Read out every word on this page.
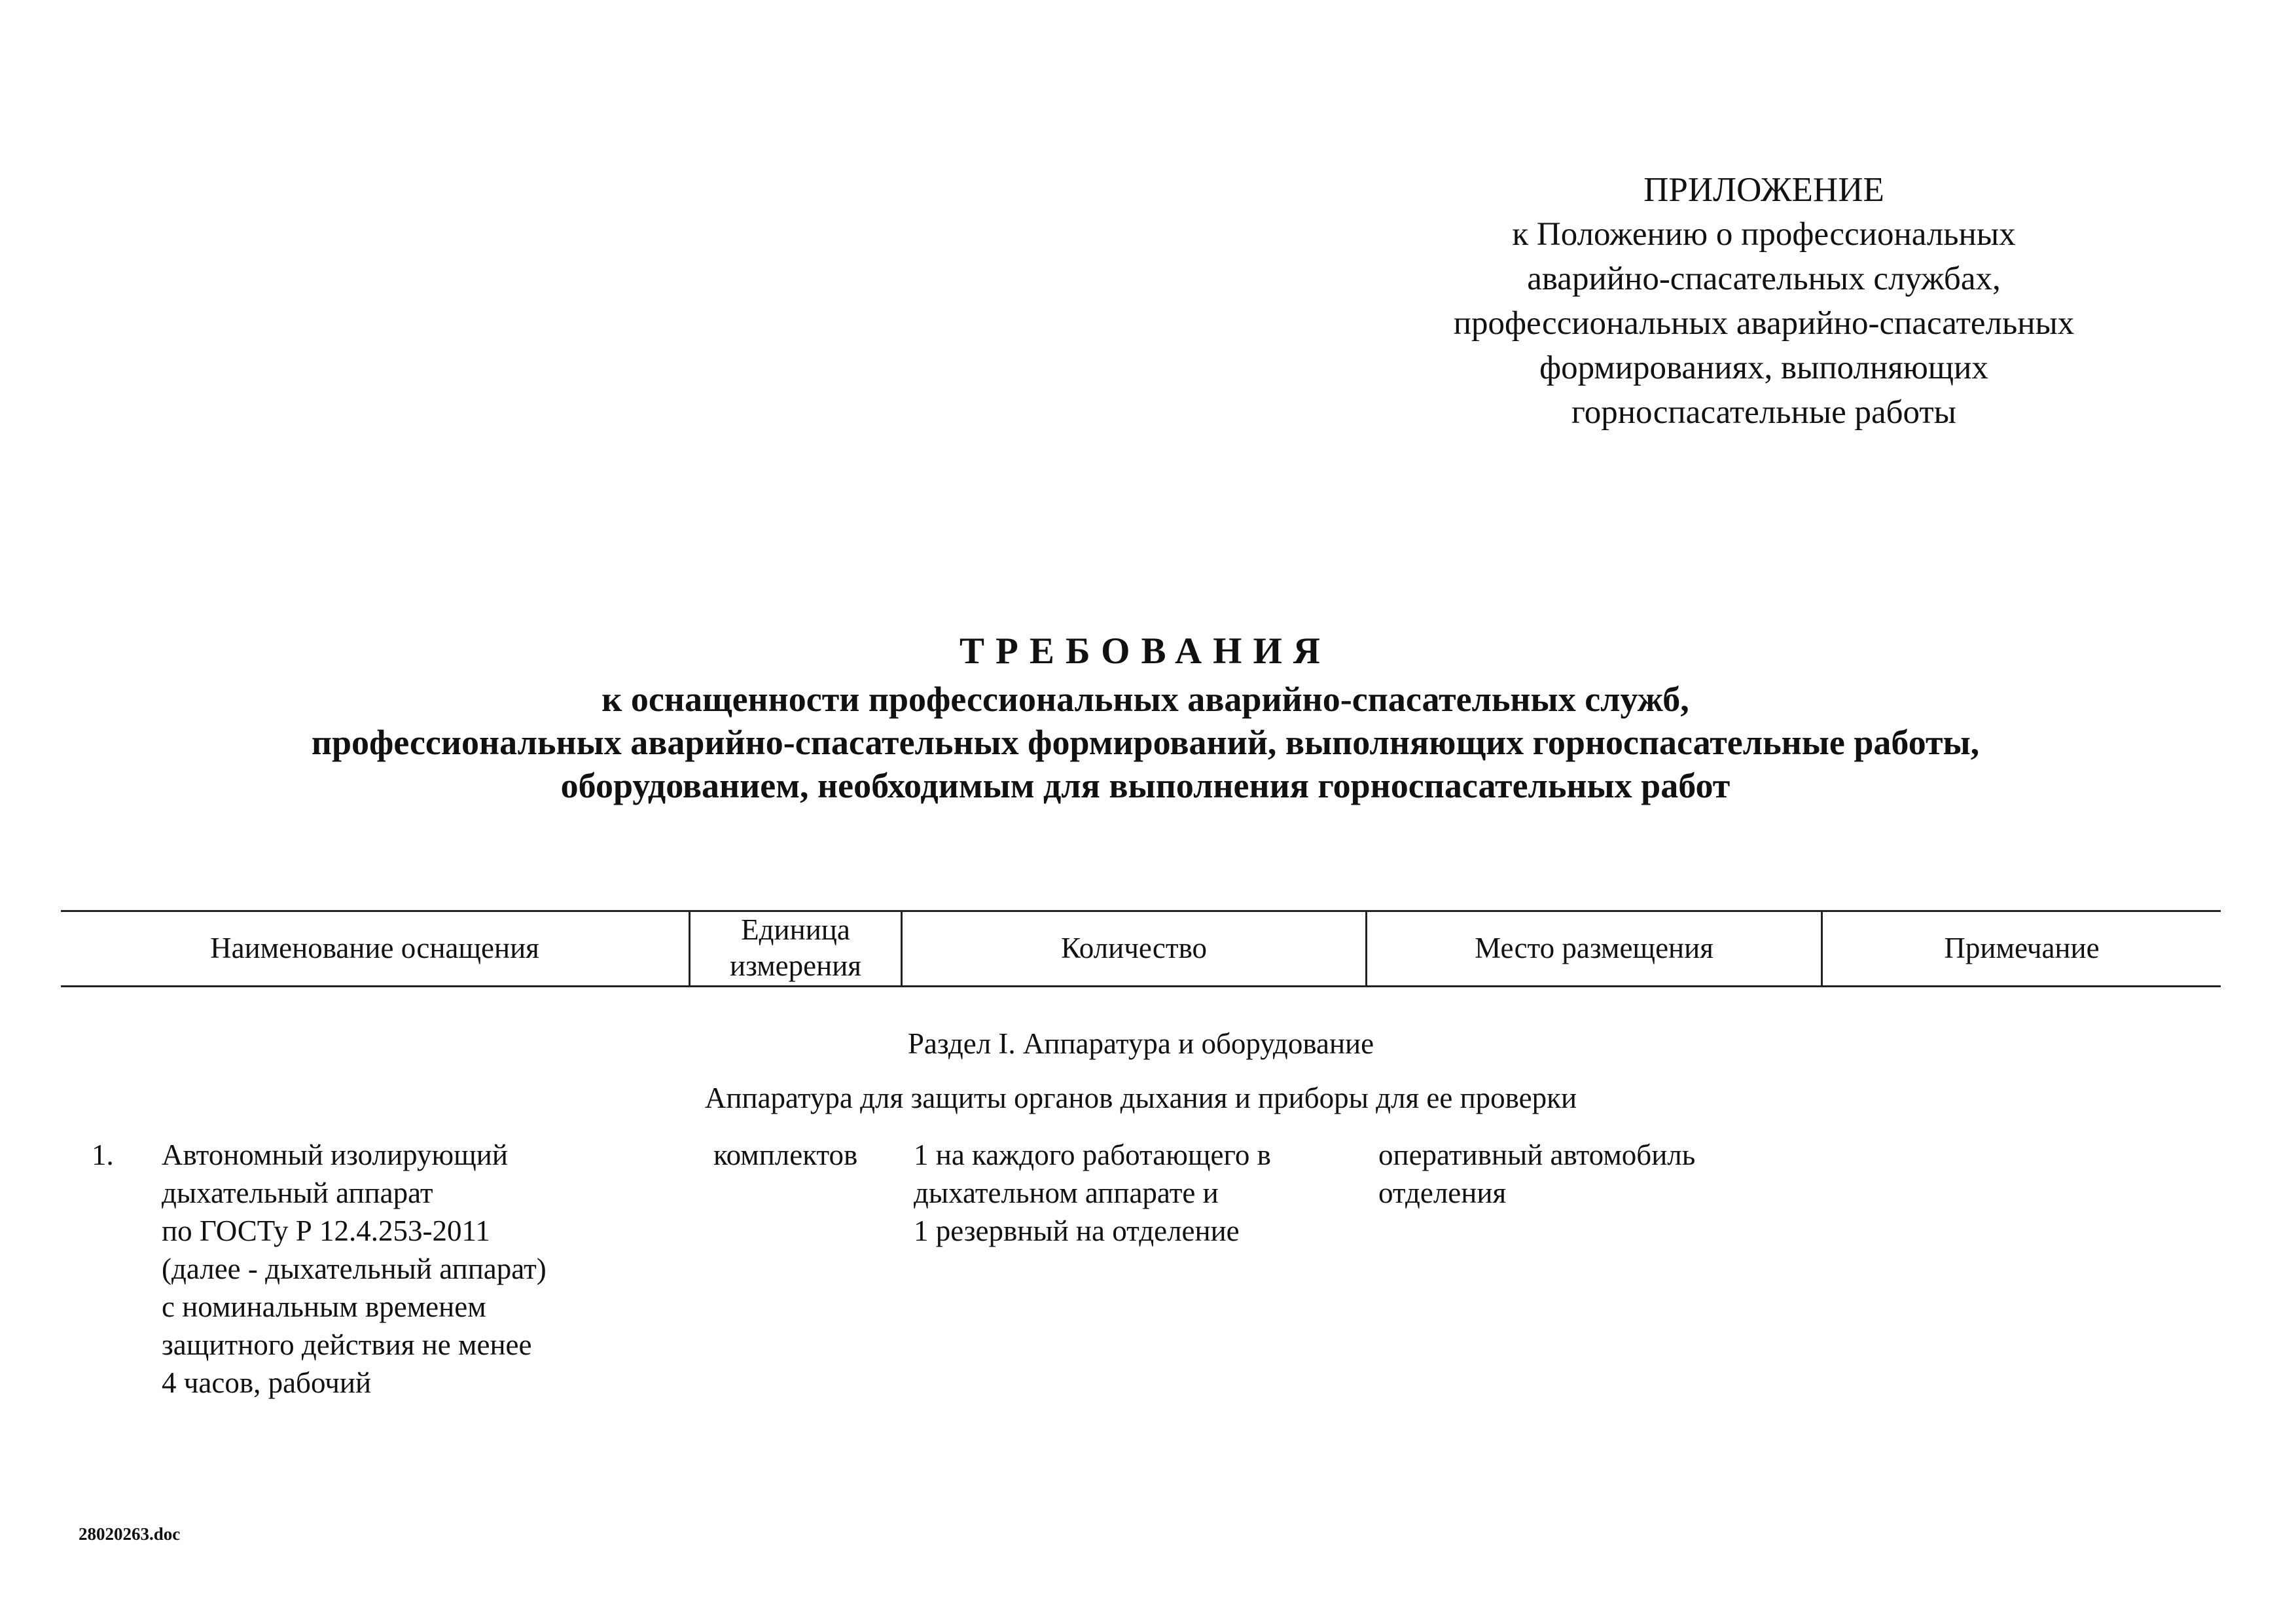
ПРИЛОЖЕНИЕ
к Положению о профессиональных
аварийно-спасательных службах,
профессиональных аварийно-спасательных
формированиях, выполняющих
горноспасательные работы
ТРЕБОВАНИЯ
к оснащенности профессиональных аварийно-спасательных служб,
профессиональных аварийно-спасательных формирований, выполняющих горноспасательные работы,
оборудованием, необходимым для выполнения горноспасательных работ
Наименование оснащения
Единица
измерения
Количество	Место размещения	Примечание
Раздел I. Аппаратура и оборудование
Аппаратура для защиты органов дыхания и приборы для ее проверки
1. Автономный изолирующий
дыхательный аппарат
по ГОСТу Р 12.4.253-2011
(далее - дыхательный аппарат)
с номинальным временем
защитного действия не менее
4 часов, рабочий
комплектов 1 на каждого работающего в
дыхательном аппарате и
1 резервный на отделение
оперативный автомобиль
отделения
28020263.doc
